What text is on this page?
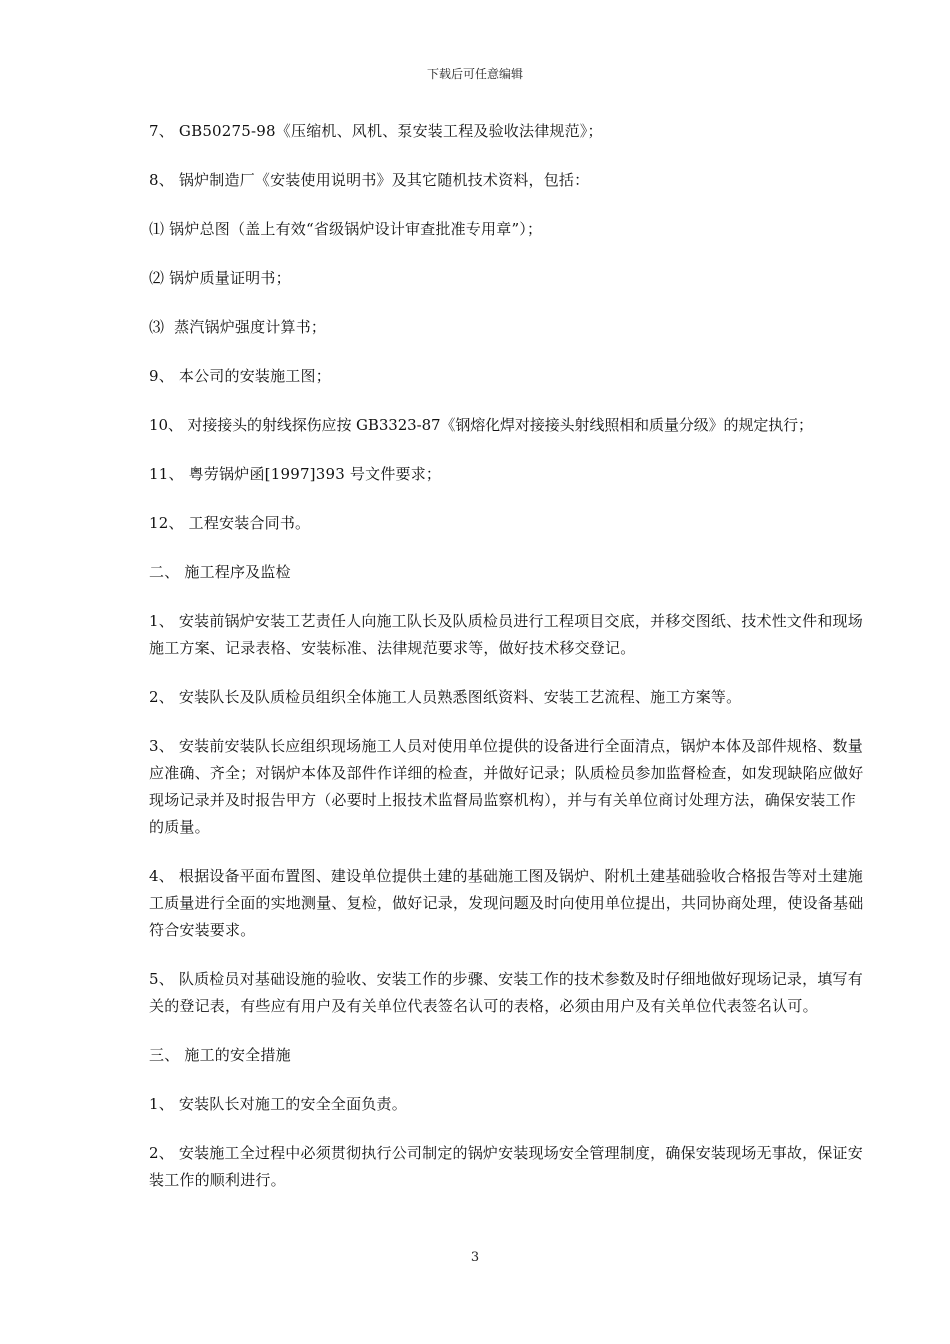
下载后可任意编辑

7、 GB50275-98《压缩机、风机、泵安装工程及验收法律规范》；

8、 锅炉制造厂《安装使用说明书》及其它随机技术资料，包括：

⑴ 锅炉总图（盖上有效“省级锅炉设计审查批准专用章”）；

⑵ 锅炉质量证明书；

⑶  蒸汽锅炉强度计算书；

9、 本公司的安装施工图；

10、 对接接头的射线探伤应按 GB3323-87《钢熔化焊对接接头射线照相和质量分级》的规定执行；

11、 粤劳锅炉函[1997]393 号文件要求；

12、 工程安装合同书。

二、 施工程序及监检

1、 安装前锅炉安装工艺责任人向施工队长及队质检员进行工程项目交底，并移交图纸、技术性文件和现场施工方案、记录表格、安装标准、法律规范要求等，做好技术移交登记。

2、 安装队长及队质检员组织全体施工人员熟悉图纸资料、安装工艺流程、施工方案等。

3、 安装前安装队长应组织现场施工人员对使用单位提供的设备进行全面清点，锅炉本体及部件规格、数量应准确、齐全；对锅炉本体及部件作详细的检查，并做好记录；队质检员参加监督检查，如发现缺陷应做好现场记录并及时报告甲方（必要时上报技术监督局监察机构），并与有关单位商讨处理方法，确保安装工作的质量。

4、 根据设备平面布置图、建设单位提供土建的基础施工图及锅炉、附机土建基础验收合格报告等对土建施工质量进行全面的实地测量、复检，做好记录，发现问题及时向使用单位提出，共同协商处理，使设备基础符合安装要求。

5、 队质检员对基础设施的验收、安装工作的步骤、安装工作的技术参数及时仔细地做好现场记录，填写有关的登记表，有些应有用户及有关单位代表签名认可的表格，必须由用户及有关单位代表签名认可。

三、 施工的安全措施

1、 安装队长对施工的安全全面负责。

2、 安装施工全过程中必须贯彻执行公司制定的锅炉安装现场安全管理制度，确保安装现场无事故，保证安装工作的顺利进行。

3
